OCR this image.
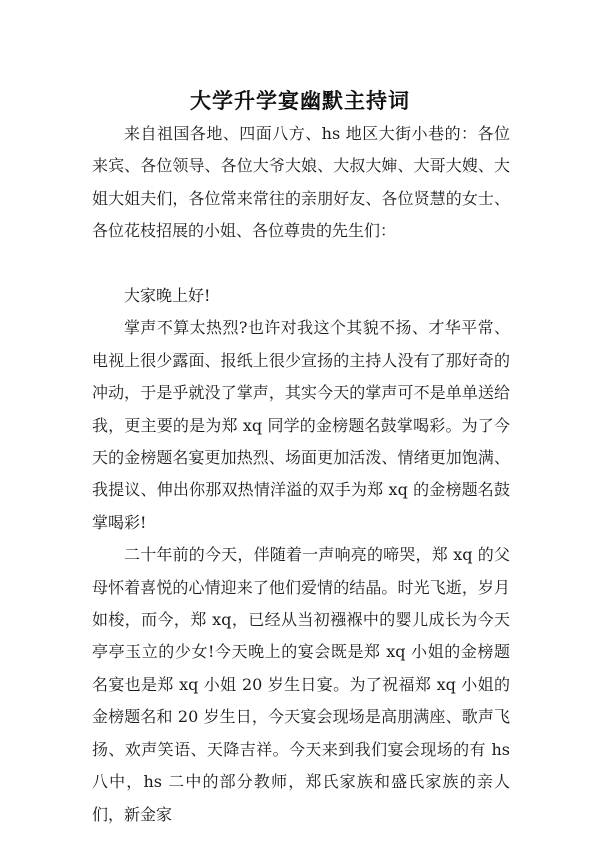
大学升学宴幽默主持词

来自祖国各地、四面八方、hs 地区大街小巷的：各位来宾、各位领导、各位大爷大娘、大叔大婶、大哥大嫂、大姐大姐夫们，各位常来常往的亲朋好友、各位贤慧的女士、各位花枝招展的小姐、各位尊贵的先生们：

大家晚上好!

掌声不算太热烈?也许对我这个其貌不扬、才华平常、电视上很少露面、报纸上很少宣扬的主持人没有了那好奇的冲动，于是乎就没了掌声，其实今天的掌声可不是单单送给我，更主要的是为郑 xq 同学的金榜题名鼓掌喝彩。为了今天的金榜题名宴更加热烈、场面更加活泼、情绪更加饱满、我提议、伸出你那双热情洋溢的双手为郑 xq 的金榜题名鼓掌喝彩!

二十年前的今天，伴随着一声响亮的啼哭，郑 xq 的父母怀着喜悦的心情迎来了他们爱情的结晶。时光飞逝，岁月如梭，而今，郑 xq，已经从当初襁褓中的婴儿成长为今天亭亭玉立的少女!今天晚上的宴会既是郑 xq 小姐的金榜题名宴也是郑 xq 小姐 20 岁生日宴。为了祝福郑 xq 小姐的金榜题名和 20 岁生日，今天宴会现场是高朋满座、歌声飞扬、欢声笑语、天降吉祥。今天来到我们宴会现场的有 hs 八中，hs 二中的部分教师，郑氏家族和盛氏家族的亲人们，新金家
